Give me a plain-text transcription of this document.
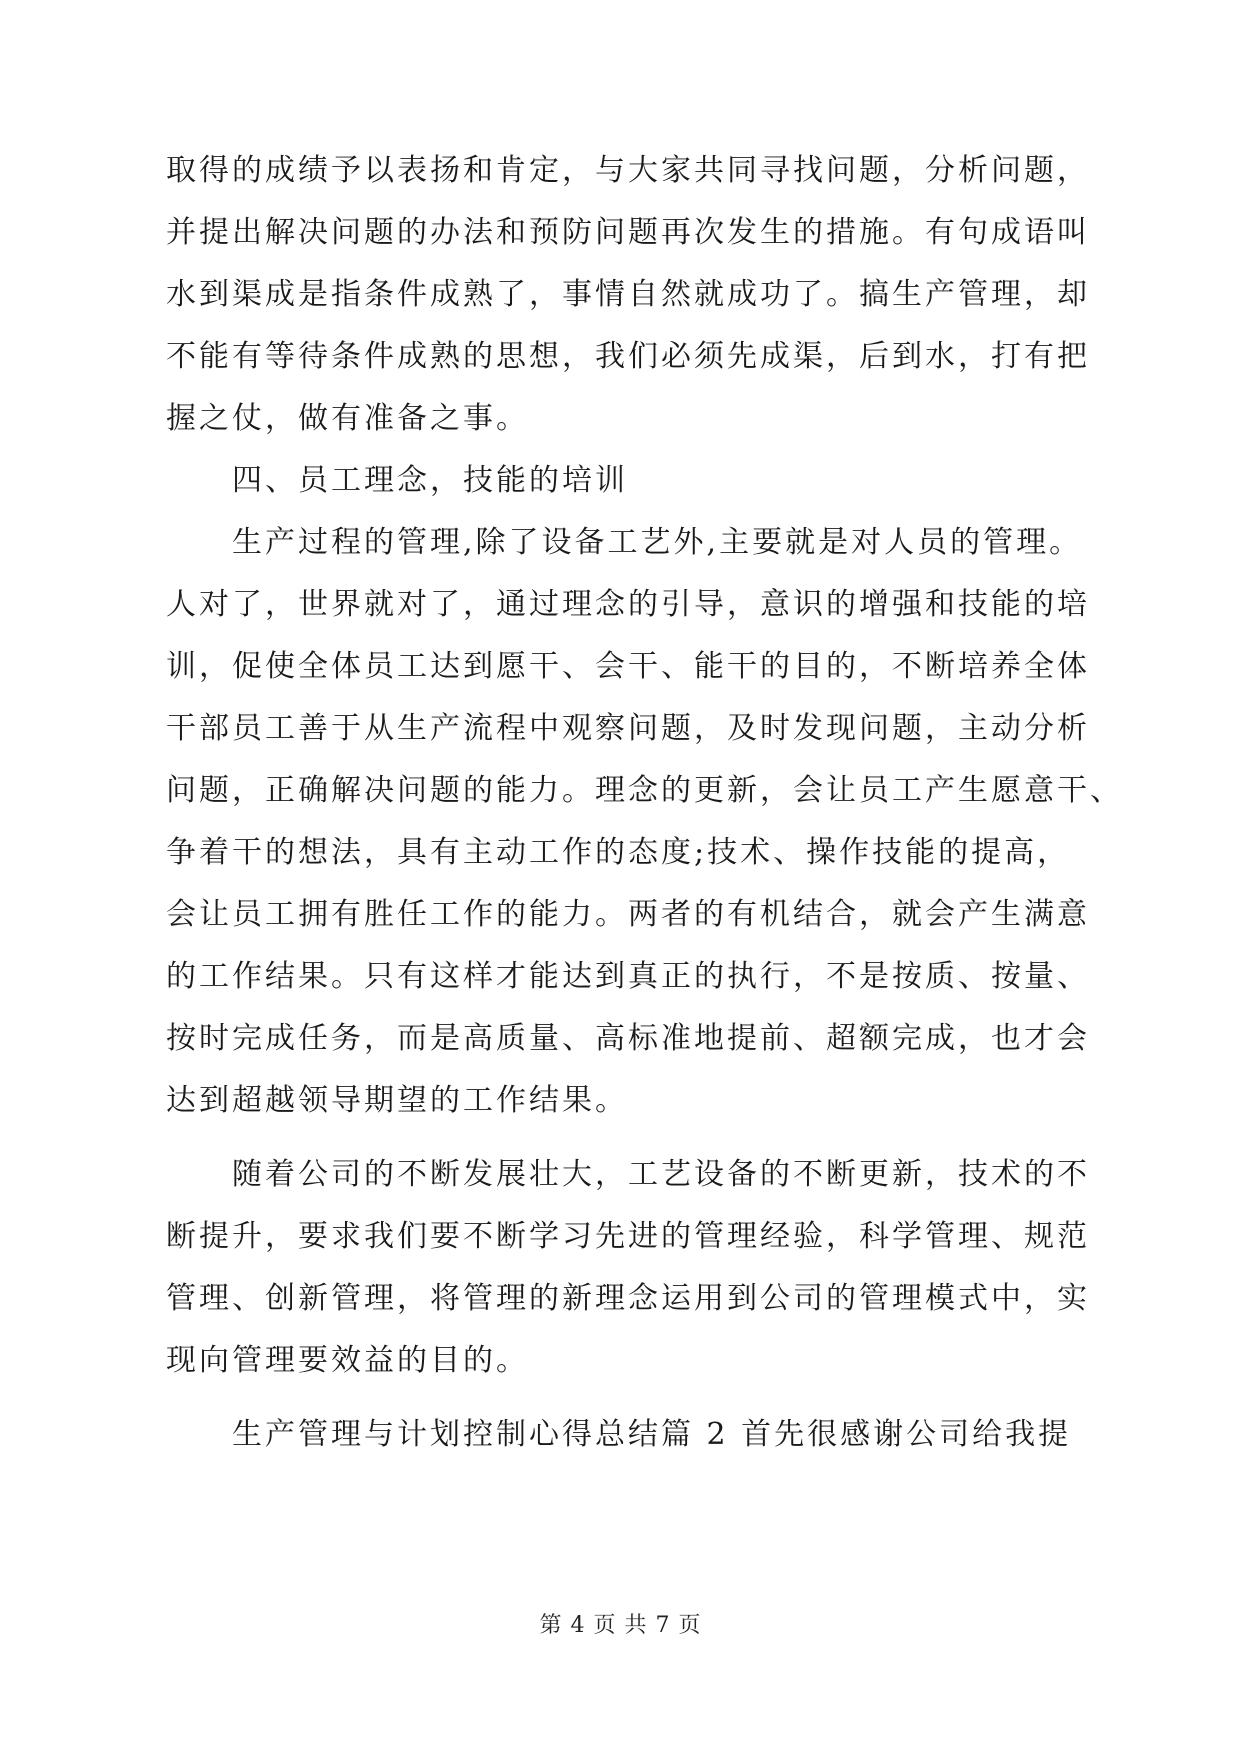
取得的成绩予以表扬和肯定，与大家共同寻找问题，分析问题，
并提出解决问题的办法和预防问题再次发生的措施。有句成语叫
水到渠成是指条件成熟了，事情自然就成功了。搞生产管理，却
不能有等待条件成熟的思想，我们必须先成渠，后到水，打有把
握之仗，做有准备之事。
四、员工理念，技能的培训
生产过程的管理,除了设备工艺外,主要就是对人员的管理。
人对了，世界就对了，通过理念的引导，意识的增强和技能的培
训，促使全体员工达到愿干、会干、能干的目的，不断培养全体
干部员工善于从生产流程中观察问题，及时发现问题，主动分析
问题，正确解决问题的能力。理念的更新，会让员工产生愿意干、
争着干的想法，具有主动工作的态度;技术、操作技能的提高，
会让员工拥有胜任工作的能力。两者的有机结合，就会产生满意
的工作结果。只有这样才能达到真正的执行，不是按质、按量、
按时完成任务，而是高质量、高标准地提前、超额完成，也才会
达到超越领导期望的工作结果。
随着公司的不断发展壮大，工艺设备的不断更新，技术的不
断提升，要求我们要不断学习先进的管理经验，科学管理、规范
管理、创新管理，将管理的新理念运用到公司的管理模式中，实
现向管理要效益的目的。
生产管理与计划控制心得总结篇 2 首先很感谢公司给我提
第 4 页 共 7 页
